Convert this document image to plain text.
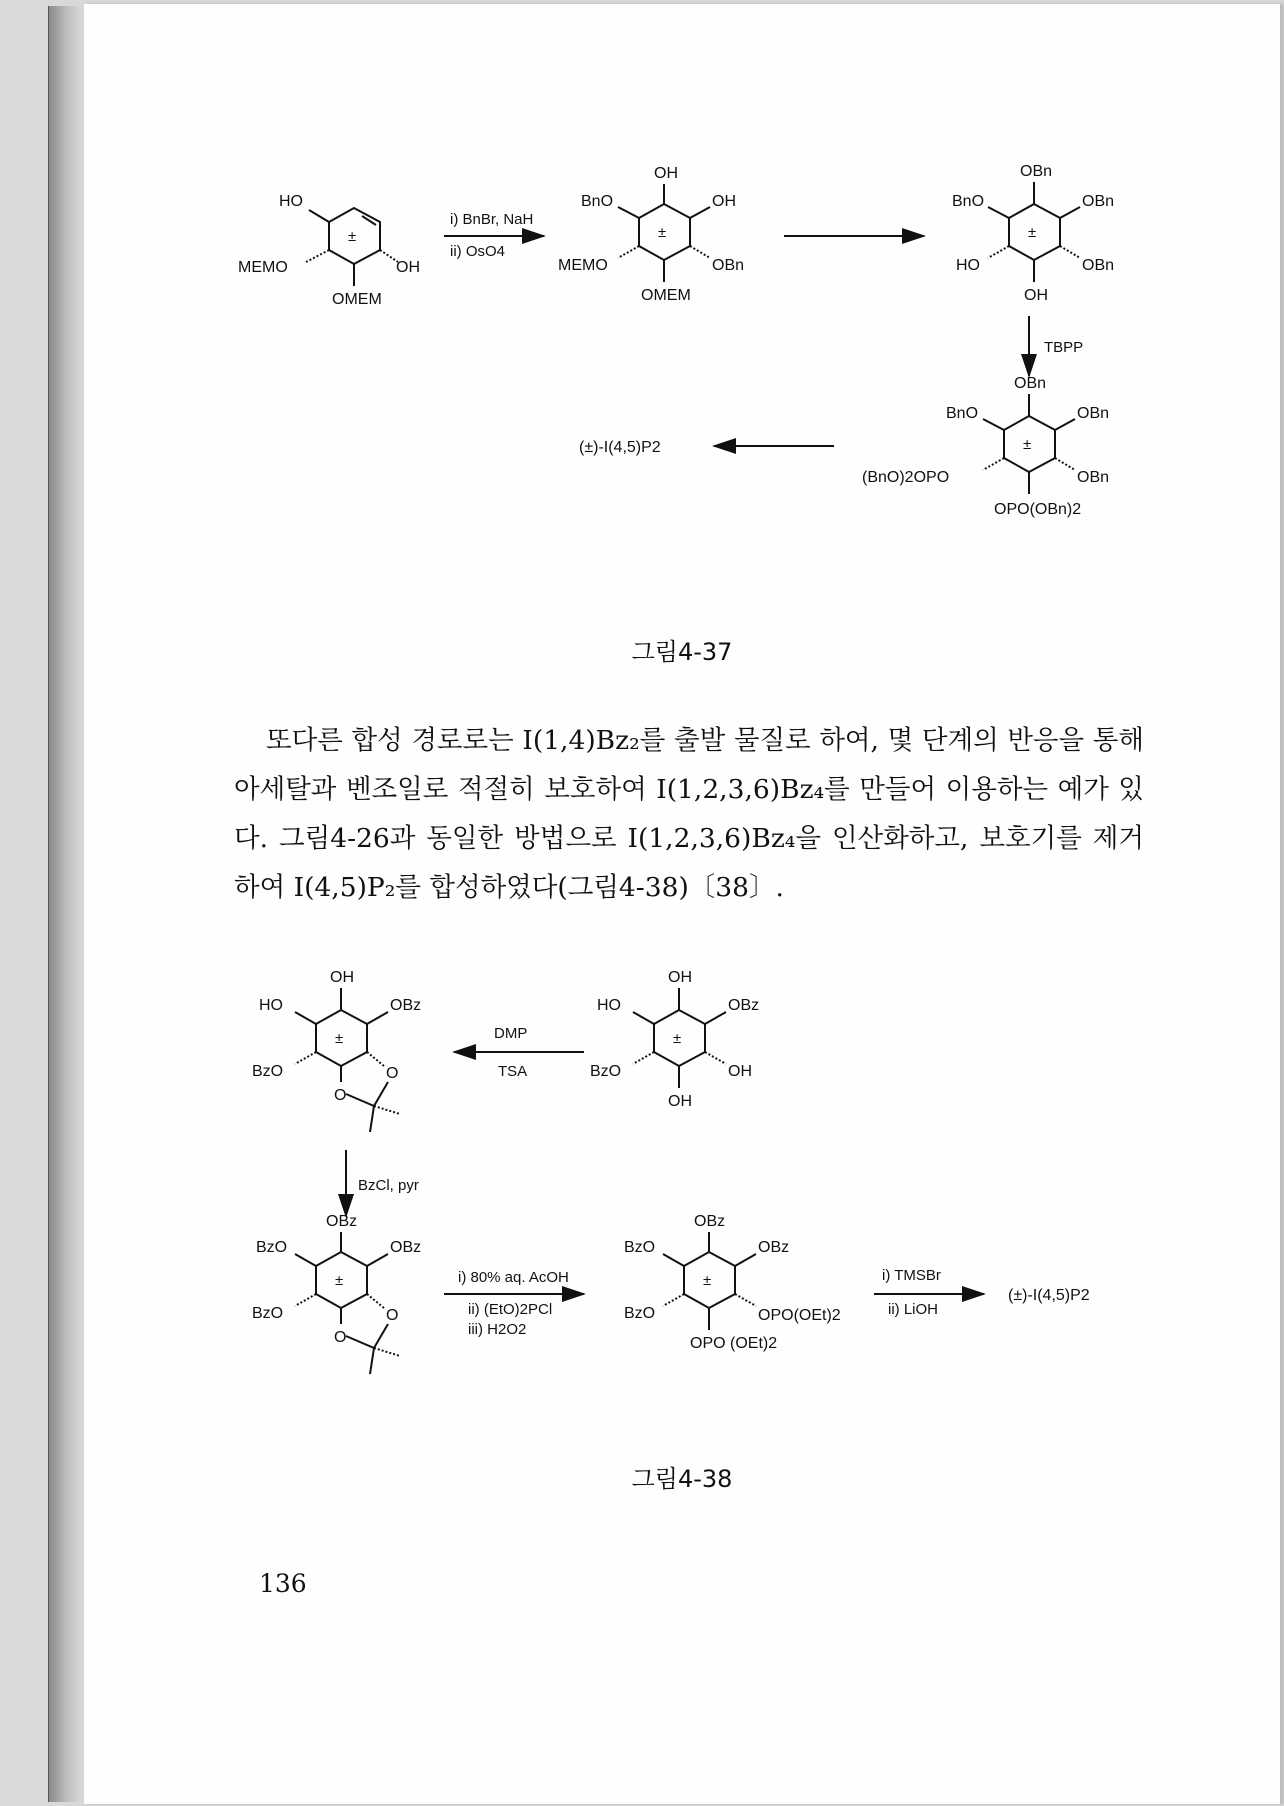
HO
MEMO	OH
OMEM
±
i) BnBr, NaH
ii) OsO4
OH
BnO	OH
MEMO	OBn
OMEM
±
OBn
BnO	OBn
HO	OBn
OH
±
TBPP
OBn
BnO	OBn
(BnO)2OPO	OBn
OPO(OBn)2
±
(±)-I(4,5)P2
그림4-37

또다른 합성 경로로는 I(1,4)Bz₂를 출발 물질로 하여, 몇 단계의 반응을 통해 아세탈과 벤조일로 적절히 보호하여 I(1,2,3,6)Bz₄를 만들어 이용하는 예가 있다. 그림4-26과 동일한 방법으로 I(1,2,3,6)Bz₄을 인산화하고, 보호기를 제거하여 I(4,5)P₂를 합성하였다(그림4-38)〔38〕.

OH
HO	OBz
BzO	O
O
±	DMP
TSA
OH
HO	OBz
BzO	OH
OH
±
BzCl, pyr
OBz
BzO	OBz
BzO	O
O
±	i) 80% aq. AcOH
ii) (EtO)2PCl
iii) H2O2
OBz
BzO	OBz
BzO	OPO(OEt)2
OPO (OEt)2
±	i) TMSBr
ii) LiOH
(±)-I(4,5)P2
그림4-38
136
